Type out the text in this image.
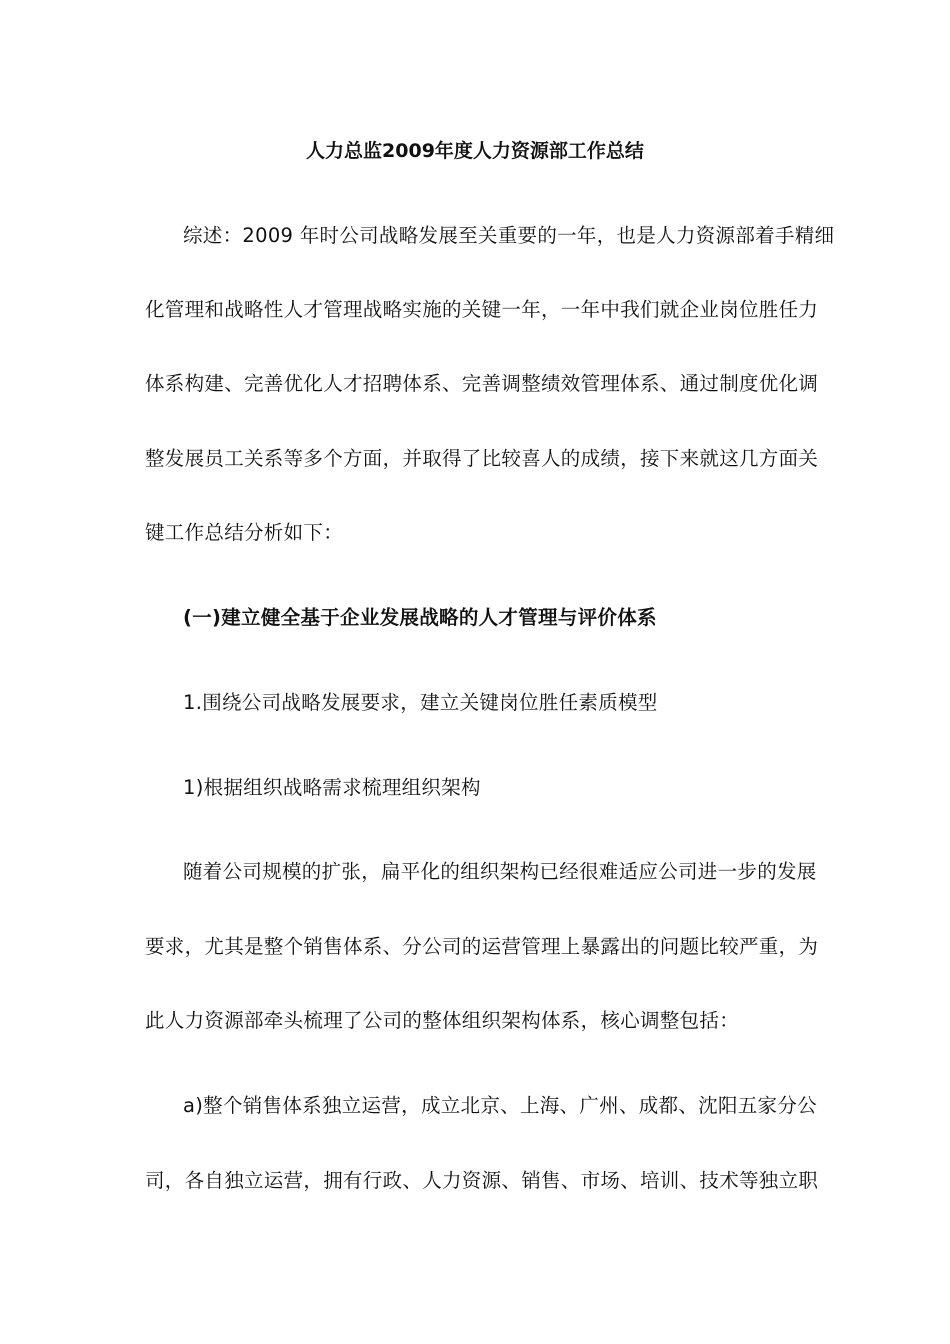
人力总监2009年度人力资源部工作总结
综述：2009 年时公司战略发展至关重要的一年，也是人力资源部着手精细
化管理和战略性人才管理战略实施的关键一年，一年中我们就企业岗位胜任力
体系构建、完善优化人才招聘体系、完善调整绩效管理体系、通过制度优化调
整发展员工关系等多个方面，并取得了比较喜人的成绩，接下来就这几方面关
键工作总结分析如下：
(一)建立健全基于企业发展战略的人才管理与评价体系
1.围绕公司战略发展要求，建立关键岗位胜任素质模型
1)根据组织战略需求梳理组织架构
随着公司规模的扩张，扁平化的组织架构已经很难适应公司进一步的发展
要求，尤其是整个销售体系、分公司的运营管理上暴露出的问题比较严重，为
此人力资源部牵头梳理了公司的整体组织架构体系，核心调整包括：
a)整个销售体系独立运营，成立北京、上海、广州、成都、沈阳五家分公
司，各自独立运营，拥有行政、人力资源、销售、市场、培训、技术等独立职
